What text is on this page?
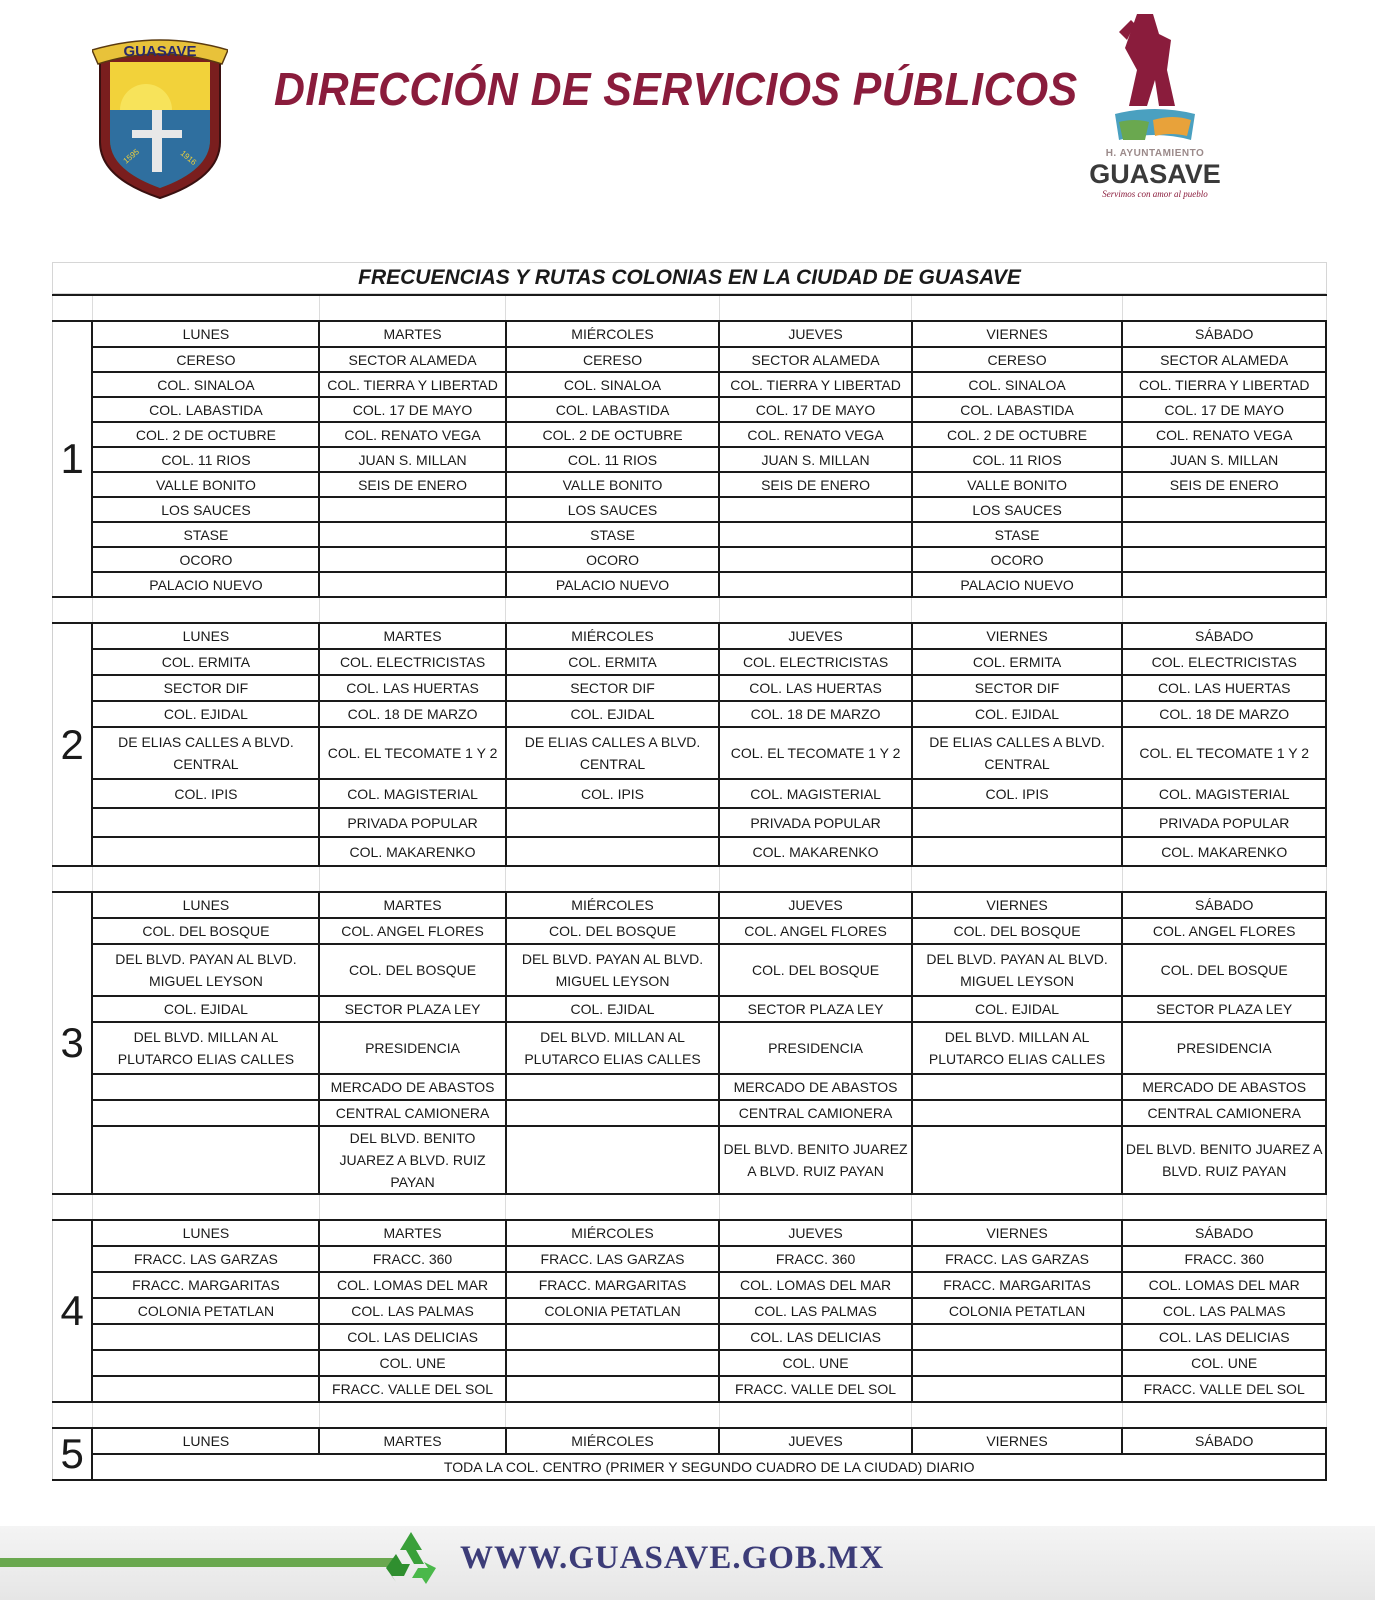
GUASAVE
1595	1916
DIRECCIÓN DE SERVICIOS PÚBLICOS
H. AYUNTAMIENTO
GUASAVE
Servimos con amor al pueblo
FRECUENCIAS Y RUTAS COLONIAS EN LA CIUDAD DE GUASAVE

1	LUNES	MARTES	MIÉRCOLES	JUEVES	VIERNES	SÁBADO
	CERESO	SECTOR ALAMEDA	CERESO	SECTOR ALAMEDA	CERESO	SECTOR ALAMEDA
	COL. SINALOA	COL. TIERRA Y LIBERTAD	COL. SINALOA	COL. TIERRA Y LIBERTAD	COL. SINALOA	COL. TIERRA Y LIBERTAD
	COL. LABASTIDA	COL. 17 DE MAYO	COL. LABASTIDA	COL. 17 DE MAYO	COL. LABASTIDA	COL. 17 DE MAYO
	COL. 2 DE OCTUBRE	COL. RENATO VEGA	COL. 2 DE OCTUBRE	COL. RENATO VEGA	COL. 2 DE OCTUBRE	COL. RENATO VEGA
	COL. 11 RIOS	JUAN S. MILLAN	COL. 11 RIOS	JUAN S. MILLAN	COL. 11 RIOS	JUAN S. MILLAN
	VALLE BONITO	SEIS DE ENERO	VALLE BONITO	SEIS DE ENERO	VALLE BONITO	SEIS DE ENERO
	LOS SAUCES		LOS SAUCES		LOS SAUCES	
	STASE		STASE		STASE	
	OCORO		OCORO		OCORO	
	PALACIO NUEVO		PALACIO NUEVO		PALACIO NUEVO	

2	LUNES	MARTES	MIÉRCOLES	JUEVES	VIERNES	SÁBADO
	COL. ERMITA	COL. ELECTRICISTAS	COL. ERMITA	COL. ELECTRICISTAS	COL. ERMITA	COL. ELECTRICISTAS
	SECTOR DIF	COL. LAS HUERTAS	SECTOR DIF	COL. LAS HUERTAS	SECTOR DIF	COL. LAS HUERTAS
	COL. EJIDAL	COL. 18 DE MARZO	COL. EJIDAL	COL. 18 DE MARZO	COL. EJIDAL	COL. 18 DE MARZO
	DE ELIAS CALLES A BLVD. CENTRAL	COL. EL TECOMATE 1 Y 2	DE ELIAS CALLES A BLVD. CENTRAL	COL. EL TECOMATE 1 Y 2	DE ELIAS CALLES A BLVD. CENTRAL	COL. EL TECOMATE 1 Y 2
	COL. IPIS	COL. MAGISTERIAL	COL. IPIS	COL. MAGISTERIAL	COL. IPIS	COL. MAGISTERIAL
		PRIVADA POPULAR		PRIVADA POPULAR		PRIVADA POPULAR
		COL. MAKARENKO		COL. MAKARENKO		COL. MAKARENKO

3	LUNES	MARTES	MIÉRCOLES	JUEVES	VIERNES	SÁBADO
	COL. DEL BOSQUE	COL. ANGEL FLORES	COL. DEL BOSQUE	COL. ANGEL FLORES	COL. DEL BOSQUE	COL. ANGEL FLORES
	DEL BLVD. PAYAN AL BLVD. MIGUEL LEYSON	COL. DEL BOSQUE	DEL BLVD. PAYAN AL BLVD. MIGUEL LEYSON	COL. DEL BOSQUE	DEL BLVD. PAYAN AL BLVD. MIGUEL LEYSON	COL. DEL BOSQUE
	COL. EJIDAL	SECTOR PLAZA LEY	COL. EJIDAL	SECTOR PLAZA LEY	COL. EJIDAL	SECTOR PLAZA LEY
	DEL BLVD. MILLAN AL PLUTARCO ELIAS CALLES	PRESIDENCIA	DEL BLVD. MILLAN AL PLUTARCO ELIAS CALLES	PRESIDENCIA	DEL BLVD. MILLAN AL PLUTARCO ELIAS CALLES	PRESIDENCIA
		MERCADO DE ABASTOS		MERCADO DE ABASTOS		MERCADO DE ABASTOS
		CENTRAL CAMIONERA		CENTRAL CAMIONERA		CENTRAL CAMIONERA
		DEL BLVD. BENITO JUAREZ A BLVD. RUIZ PAYAN		DEL BLVD. BENITO JUAREZ A BLVD. RUIZ PAYAN		DEL BLVD. BENITO JUAREZ A BLVD. RUIZ PAYAN

4	LUNES	MARTES	MIÉRCOLES	JUEVES	VIERNES	SÁBADO
	FRACC. LAS GARZAS	FRACC. 360	FRACC. LAS GARZAS	FRACC. 360	FRACC. LAS GARZAS	FRACC. 360
	FRACC. MARGARITAS	COL. LOMAS DEL MAR	FRACC. MARGARITAS	COL. LOMAS DEL MAR	FRACC. MARGARITAS	COL. LOMAS DEL MAR
	COLONIA PETATLAN	COL. LAS PALMAS	COLONIA PETATLAN	COL. LAS PALMAS	COLONIA PETATLAN	COL. LAS PALMAS
		COL. LAS DELICIAS		COL. LAS DELICIAS		COL. LAS DELICIAS
		COL. UNE		COL. UNE		COL. UNE
		FRACC. VALLE DEL SOL		FRACC. VALLE DEL SOL		FRACC. VALLE DEL SOL

5	LUNES	MARTES	MIÉRCOLES	JUEVES	VIERNES	SÁBADO
	TODA LA COL. CENTRO (PRIMER Y SEGUNDO CUADRO DE LA CIUDAD) DIARIO					
WWW.GUASAVE.GOB.MX
